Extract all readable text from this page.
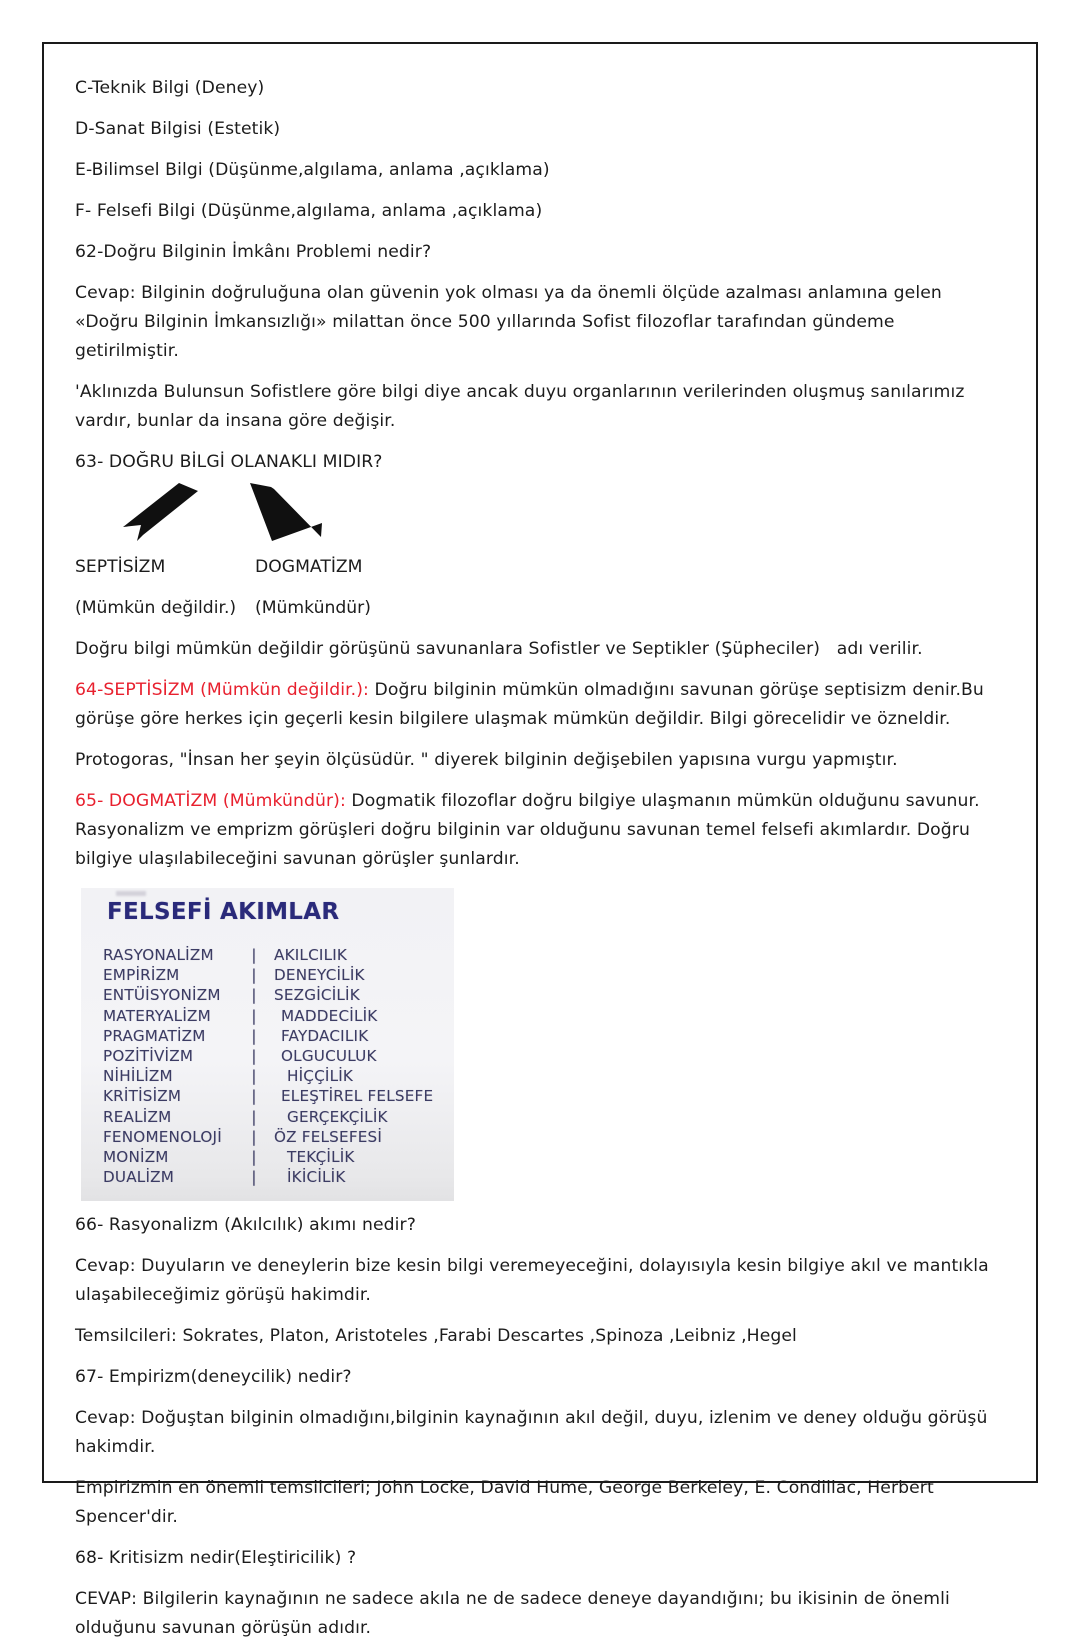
C-Teknik Bilgi (Deney)

D-Sanat Bilgisi (Estetik)

E-Bilimsel Bilgi (Düşünme,algılama, anlama ,açıklama)

F- Felsefi Bilgi (Düşünme,algılama, anlama ,açıklama)

62-Doğru Bilginin İmkânı Problemi nedir?

Cevap: Bilginin doğruluğuna olan güvenin yok olması ya da önemli ölçüde azalması anlamına gelen «Doğru Bilginin İmkansızlığı» milattan önce 500 yıllarında Sofist filozoflar tarafından gündeme getirilmiştir.

'Aklınızda Bulunsun Sofistlere göre bilgi diye ancak duyu organlarının verilerinden oluşmuş sanılarımız vardır, bunlar da insana göre değişir.

63- DOĞRU BİLGİ OLANAKLI MIDIR?

SEPTİSİZM	DOGMATİZM
(Mümkün değildir.)	(Mümkündür)

Doğru bilgi mümkün değildir görüşünü savunanlara Sofistler ve Septikler (Şüpheciler)   adı verilir.

64-SEPTİSİZM (Mümkün değildir.): Doğru bilginin mümkün olmadığını savunan görüşe septisizm denir.Bu görüşe göre herkes için geçerli kesin bilgilere ulaşmak mümkün değildir. Bilgi görecelidir ve özneldir.

Protogoras, "İnsan her şeyin ölçüsüdür. " diyerek bilginin değişebilen yapısına vurgu yapmıştır.

65- DOGMATİZM (Mümkündür): Dogmatik filozoflar doğru bilgiye ulaşmanın mümkün olduğunu savunur. Rasyonalizm ve emprizm görüşleri doğru bilginin var olduğunu savunan temel felsefi akımlardır. Doğru bilgiye ulaşılabileceğini savunan görüşler şunlardır.

FELSEFİ AKIMLAR
RASYONALİZM	|	AKILCILIK
EMPİRİZM	|	DENEYCİLİK
ENTÜİSYONİZM	|	SEZGİCİLİK
MATERYALİZM	|	MADDECİLİK
PRAGMATİZM	|	FAYDACILIK
POZİTİVİZM	|	OLGUCULUK
NİHİLİZM	|	HİÇÇİLİK
KRİTİSİZM	|	ELEŞTİREL FELSEFE
REALİZM	|	GERÇEKÇİLİK
FENOMENOLOJİ	|	ÖZ FELSEFESİ
MONİZM	|	TEKÇİLİK
DUALİZM	|	İKİCİLİK

66- Rasyonalizm (Akılcılık) akımı nedir?

Cevap: Duyuların ve deneylerin bize kesin bilgi veremeyeceğini, dolayısıyla kesin bilgiye akıl ve mantıkla ulaşabileceğimiz görüşü hakimdir.

Temsilcileri: Sokrates, Platon, Aristoteles ,Farabi Descartes ,Spinoza ,Leibniz ,Hegel

67- Empirizm(deneycilik) nedir?

Cevap: Doğuştan bilginin olmadığını,bilginin kaynağının akıl değil, duyu, izlenim ve deney olduğu görüşü hakimdir.

Empirizmin en önemli temsilcileri; John Locke, David Hume, George Berkeley, E. Condillac, Herbert Spencer'dir.

68- Kritisizm nedir(Eleştiricilik) ?

CEVAP: Bilgilerin kaynağının ne sadece akıla ne de sadece deneye dayandığını; bu ikisinin de önemli olduğunu savunan görüşün adıdır.
